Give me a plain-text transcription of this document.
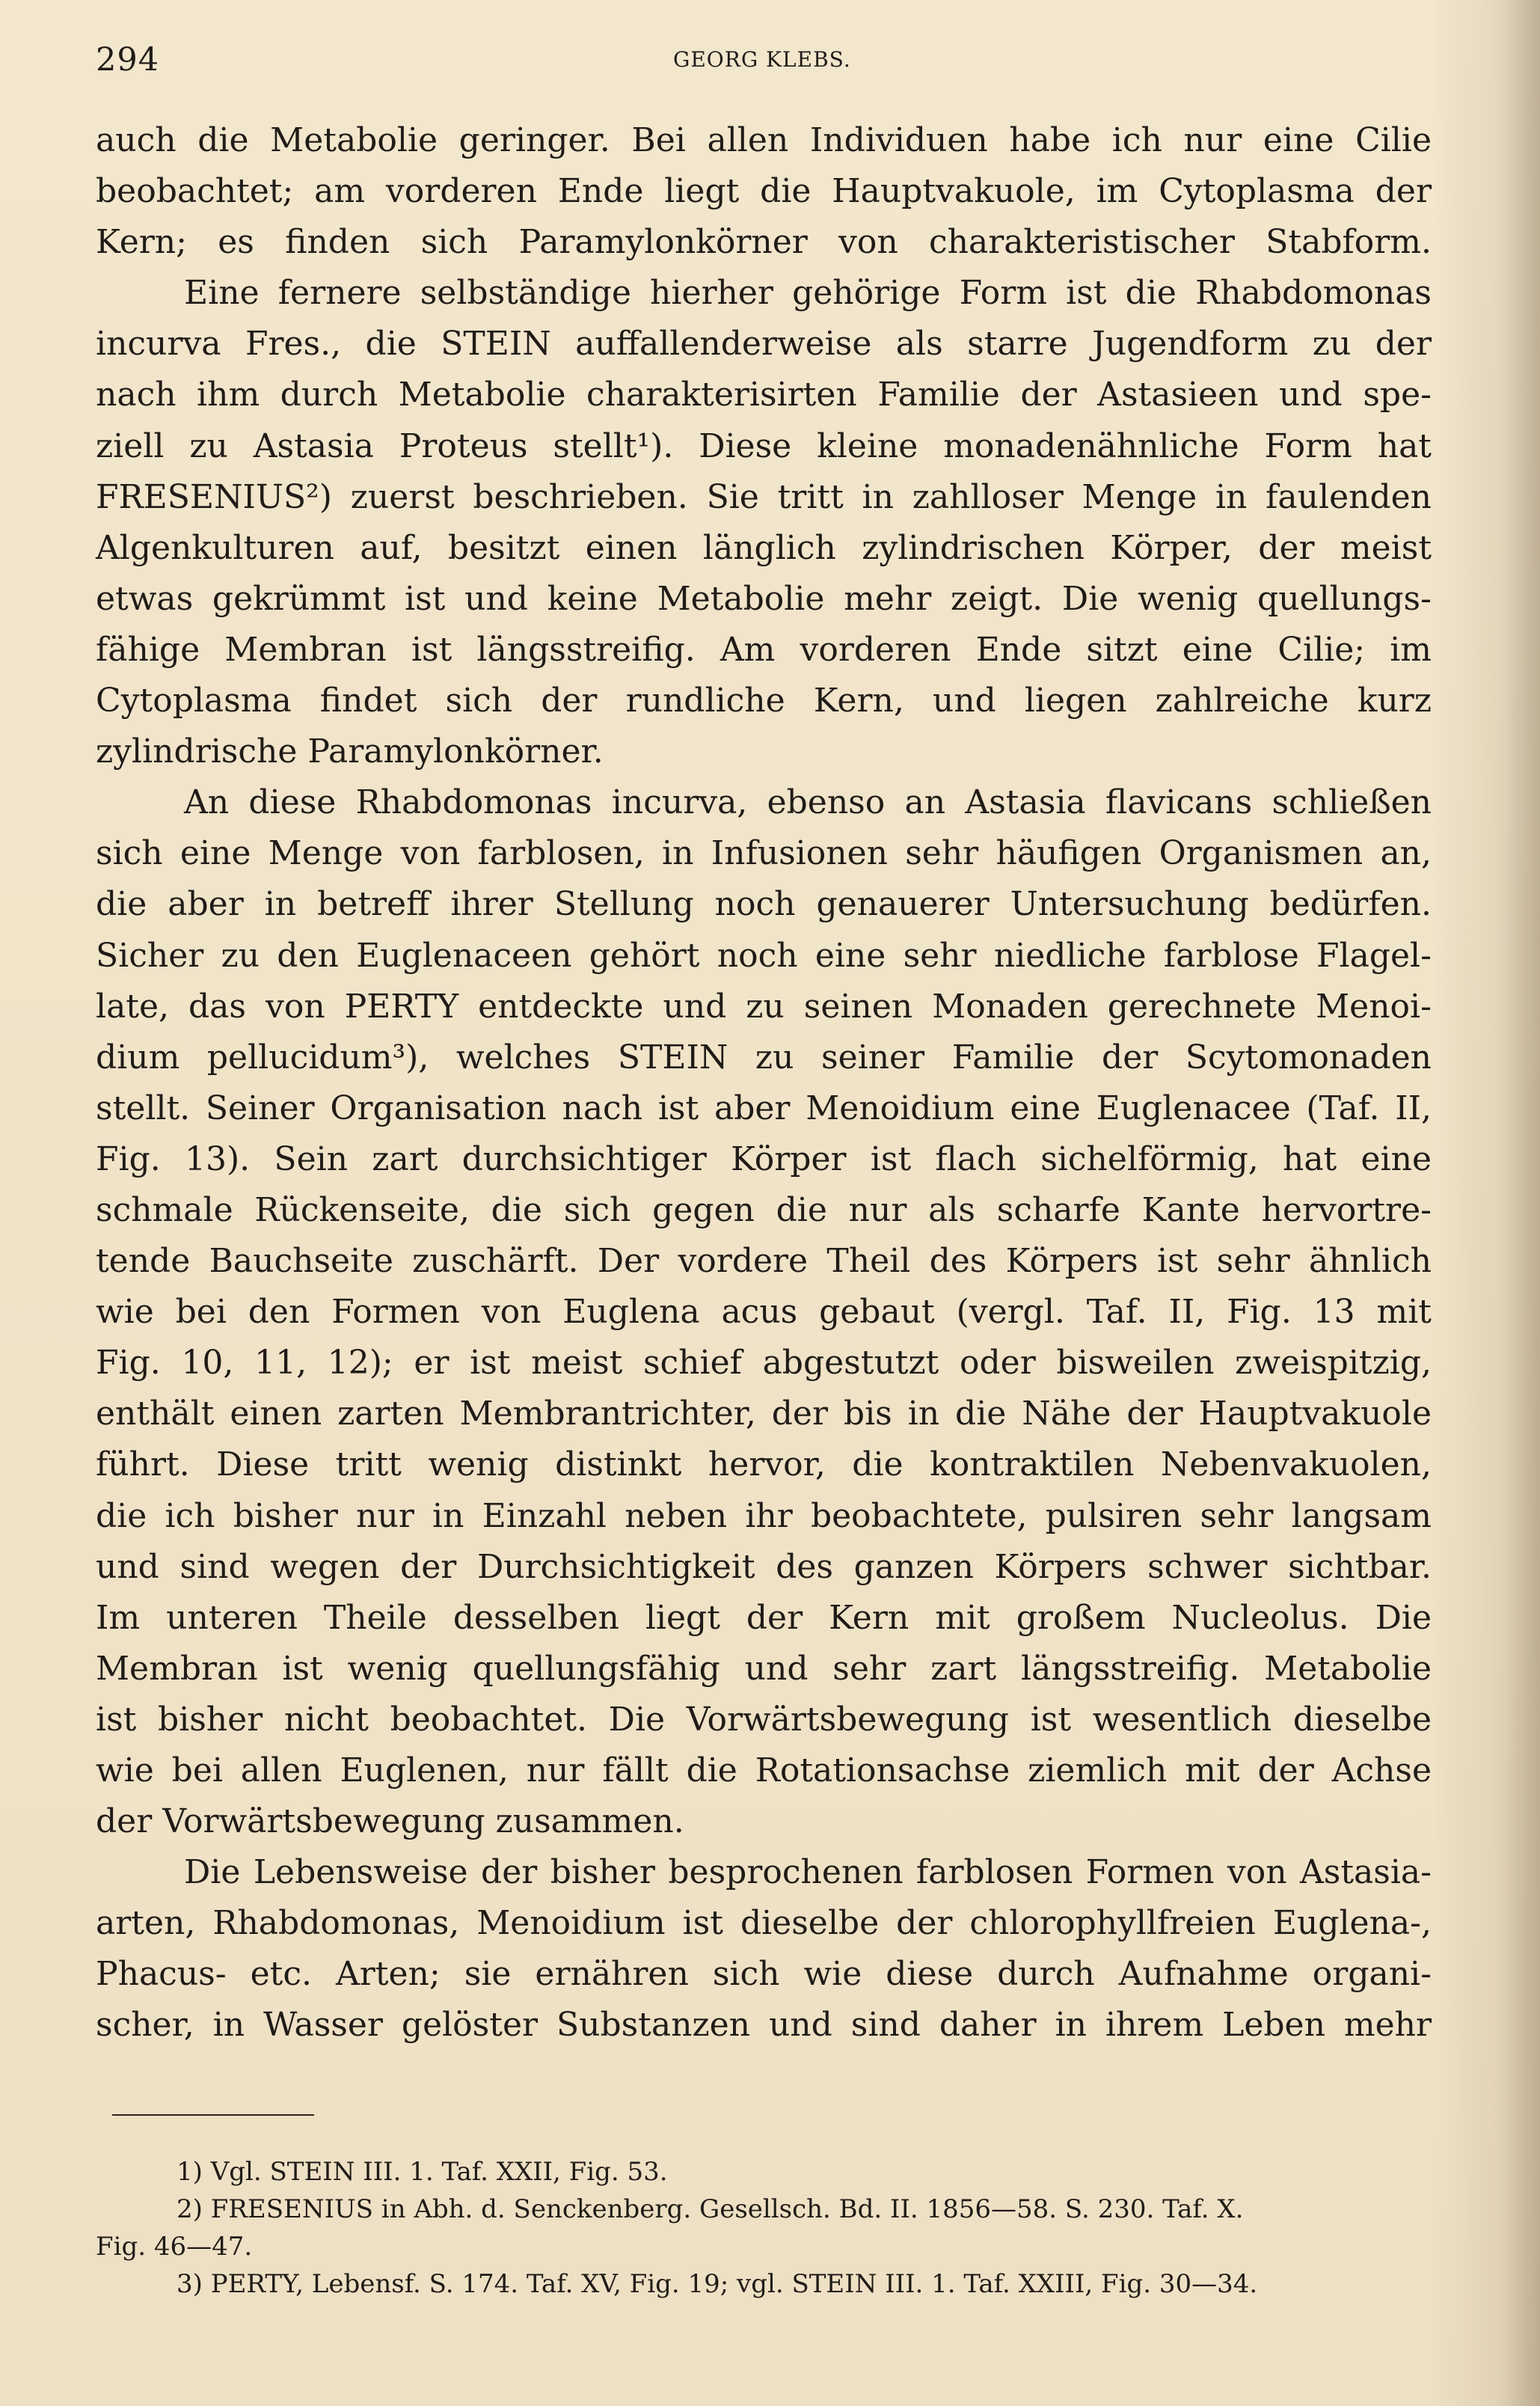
294	GEORG KLEBS.
auch die Metabolie geringer. Bei allen Individuen habe ich nur eine Cilie
beobachtet; am vorderen Ende liegt die Hauptvakuole, im Cytoplasma der
Kern; es finden sich Paramylonkörner von charakteristischer Stabform.
Eine fernere selbständige hierher gehörige Form ist die Rhabdomonas
incurva Fres., die STEIN auffallenderweise als starre Jugendform zu der
nach ihm durch Metabolie charakterisirten Familie der Astasieen und spe-
ziell zu Astasia Proteus stellt¹). Diese kleine monadenähnliche Form hat
FRESENIUS²) zuerst beschrieben. Sie tritt in zahlloser Menge in faulenden
Algenkulturen auf, besitzt einen länglich zylindrischen Körper, der meist
etwas gekrümmt ist und keine Metabolie mehr zeigt. Die wenig quellungs-
fähige Membran ist längsstreifig. Am vorderen Ende sitzt eine Cilie; im
Cytoplasma findet sich der rundliche Kern, und liegen zahlreiche kurz
zylindrische Paramylonkörner.
An diese Rhabdomonas incurva, ebenso an Astasia flavicans schließen
sich eine Menge von farblosen, in Infusionen sehr häufigen Organismen an,
die aber in betreff ihrer Stellung noch genauerer Untersuchung bedürfen.
Sicher zu den Euglenaceen gehört noch eine sehr niedliche farblose Flagel-
late, das von PERTY entdeckte und zu seinen Monaden gerechnete Menoi-
dium pellucidum³), welches STEIN zu seiner Familie der Scytomonaden
stellt. Seiner Organisation nach ist aber Menoidium eine Euglenacee (Taf. II,
Fig. 13). Sein zart durchsichtiger Körper ist flach sichelförmig, hat eine
schmale Rückenseite, die sich gegen die nur als scharfe Kante hervortre-
tende Bauchseite zuschärft. Der vordere Theil des Körpers ist sehr ähnlich
wie bei den Formen von Euglena acus gebaut (vergl. Taf. II, Fig. 13 mit
Fig. 10, 11, 12); er ist meist schief abgestutzt oder bisweilen zweispitzig,
enthält einen zarten Membrantrichter, der bis in die Nähe der Hauptvakuole
führt. Diese tritt wenig distinkt hervor, die kontraktilen Nebenvakuolen,
die ich bisher nur in Einzahl neben ihr beobachtete, pulsiren sehr langsam
und sind wegen der Durchsichtigkeit des ganzen Körpers schwer sichtbar.
Im unteren Theile desselben liegt der Kern mit großem Nucleolus. Die
Membran ist wenig quellungsfähig und sehr zart längsstreifig. Metabolie
ist bisher nicht beobachtet. Die Vorwärtsbewegung ist wesentlich dieselbe
wie bei allen Euglenen, nur fällt die Rotationsachse ziemlich mit der Achse
der Vorwärtsbewegung zusammen.
Die Lebensweise der bisher besprochenen farblosen Formen von Astasia-
arten, Rhabdomonas, Menoidium ist dieselbe der chlorophyllfreien Euglena-,
Phacus- etc. Arten; sie ernähren sich wie diese durch Aufnahme organi-
scher, in Wasser gelöster Substanzen und sind daher in ihrem Leben mehr
1) Vgl. STEIN III. 1. Taf. XXII, Fig. 53.
2) FRESENIUS in Abh. d. Senckenberg. Gesellsch. Bd. II. 1856—58. S. 230. Taf. X.
Fig. 46—47.
3) PERTY, Lebensf. S. 174. Taf. XV, Fig. 19; vgl. STEIN III. 1. Taf. XXIII, Fig. 30—34.
